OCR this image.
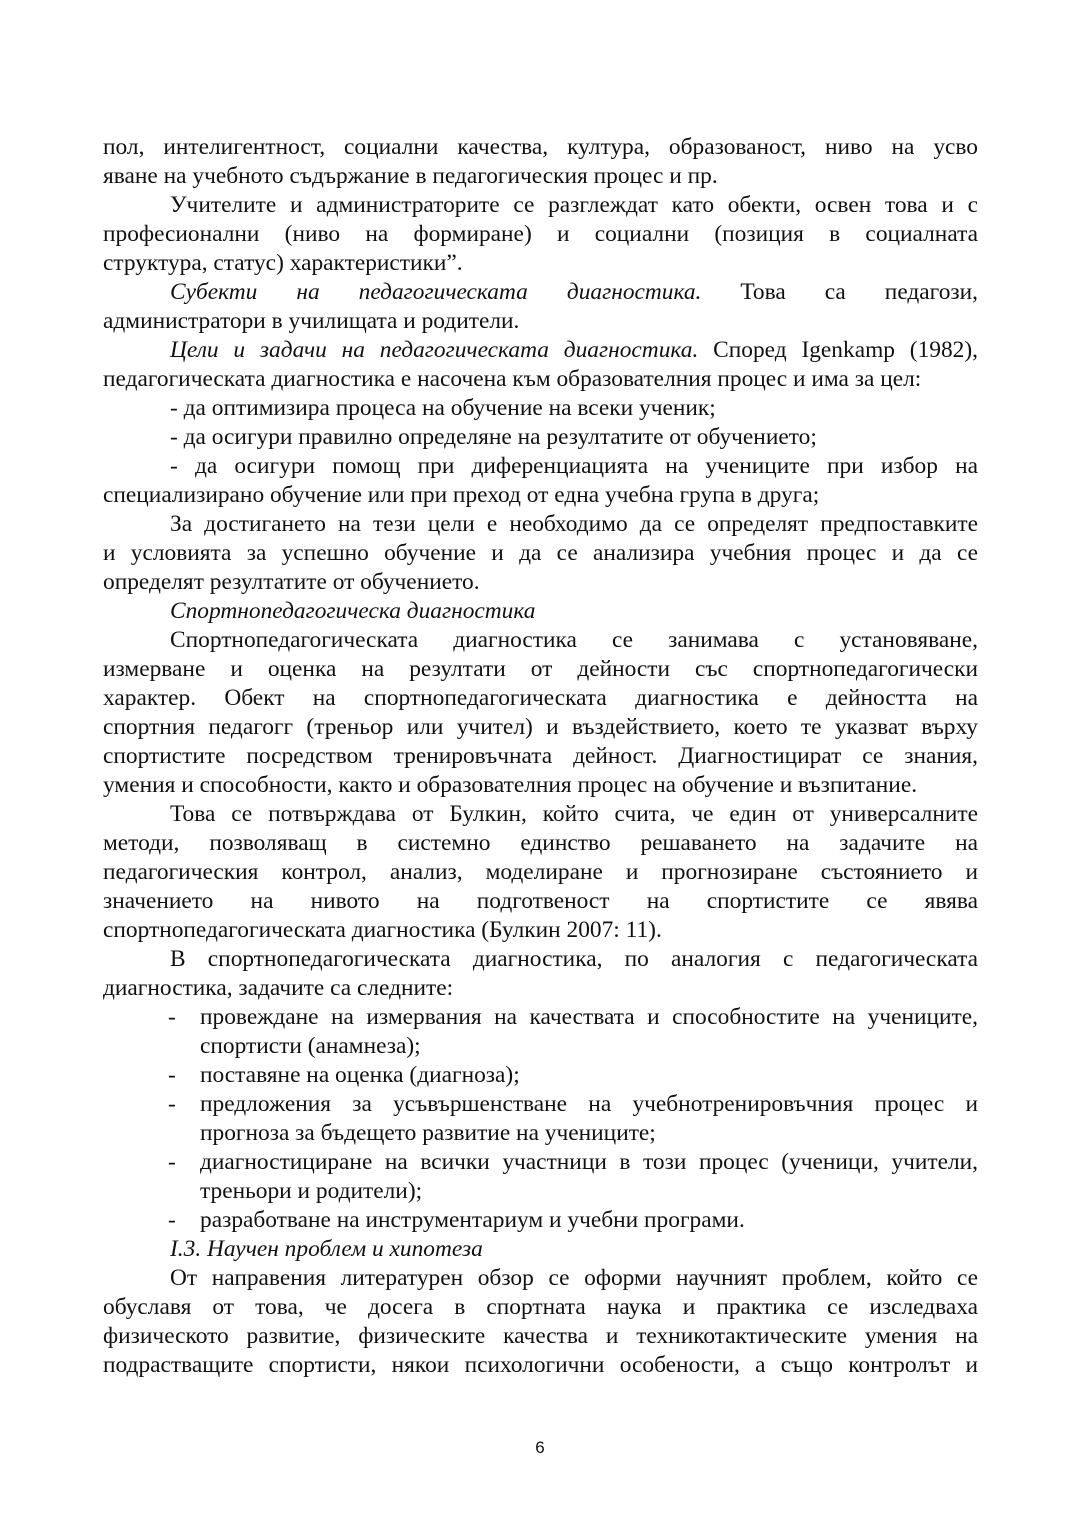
пол, интелигентност, социални качества, култура, образованост, ниво на усво
яване на учебното съдържание в педагогическия процес и пр.
Учителите и администраторите се разглеждат като обекти, освен това и с
професионални (ниво на формиране) и социални (позиция в социалната
структура, статус) характеристики”.
Субекти на педагогическата диагностика. Това са педагози,
администратори в училищата и родители.
Цели и задачи на педагогическата диагностика. Според Igenkamp (1982),
педагогическата диагностика е насочена към образователния процес и има за цел:
- да оптимизира процеса на обучение на всеки ученик;
- да осигури правилно определяне на резултатите от обучението;
- да осигури помощ при диференциацията на учениците при избор на
специализирано обучение или при преход от една учебна група в друга;
За достигането на тези цели е необходимо да се определят предпоставките
и условията за успешно обучение и да се анализира учебния процес и да се
определят резултатите от обучението.
Спортнопедагогическа диагностика
Спортнопедагогическата диагностика се занимава с установяване,
измерване и оценка на резултати от дейности със спортнопедагогически
характер. Обект на спортнопедагогическата диагностика е дейността на
спортния педагогг (треньор или учител) и въздействието, което те указват върху
спортистите посредством тренировъчната дейност. Диагностицират се знания,
умения и способности, както и образователния процес на обучение и възпитание.
Това се потвърждава от Булкин, който счита, че един от универсалните
методи, позволяващ в системно единство решаването на задачите на
педагогическия контрол, анализ, моделиране и прогнозиране състоянието и
значението на нивото на подготвеност на спортистите се явява
спортнопедагогическата диагностика (Булкин 2007: 11).
В спортнопедагогическата диагностика, по аналогия с педагогическата
диагностика, задачите са следните:
- провеждане на измервания на качествата и способностите на учениците,
спортисти (анамнеза);
- поставяне на оценка (диагноза);
- предложения за усъвършенстване на учебнотренировъчния процес и
прогноза за бъдещето развитие на учениците;
- диагностициране на всички участници в този процес (ученици, учители,
треньори и родители);
- разработване на инструментариум и учебни програми.
I.3. Научен проблем и хипотеза
От направения литературен обзор се оформи научният проблем, който се
обуславя от това, че досега в спортната наука и практика се изследваха
физическото развитие, физическите качества и техникотактическите умения на
подрастващите спортисти, някои психологични особености, а също контролът и
6
